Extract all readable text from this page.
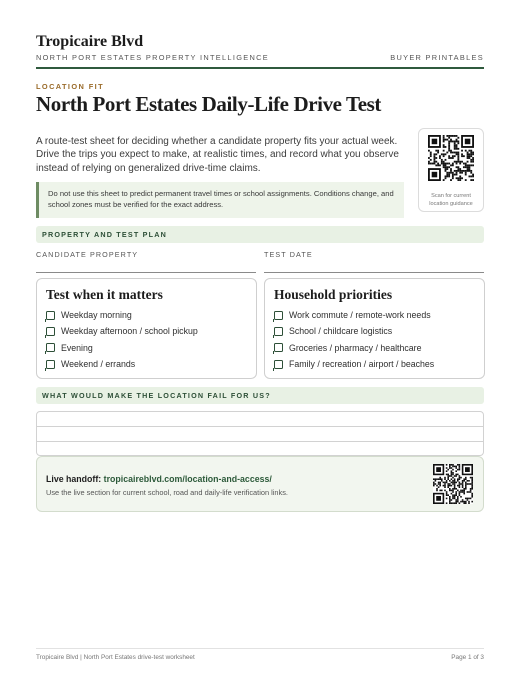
Tropicaire Blvd
NORTH PORT ESTATES PROPERTY INTELLIGENCE	BUYER PRINTABLES
LOCATION FIT
North Port Estates Daily-Life Drive Test

A route-test sheet for deciding whether a candidate property fits your actual week. Drive the trips you expect to make, at realistic times, and record what you observe instead of relying on generalized drive-time claims.

Scan for current location guidance
Do not use this sheet to predict permanent travel times or school assignments. Conditions change, and school zones must be verified for the exact address.
PROPERTY AND TEST PLAN
CANDIDATE PROPERTY	TEST DATE
Test when it matters
Weekday morning
Weekday afternoon / school pickup
Evening
Weekend / errands
Household priorities
Work commute / remote-work needs
School / childcare logistics
Groceries / pharmacy / healthcare
Family / recreation / airport / beaches
WHAT WOULD MAKE THE LOCATION FAIL FOR US?
Live handoff: tropicaireblvd.com/location-and-access/
Use the live section for current school, road and daily-life verification links.
Tropicaire Blvd | North Port Estates drive-test worksheet	Page 1 of 3
